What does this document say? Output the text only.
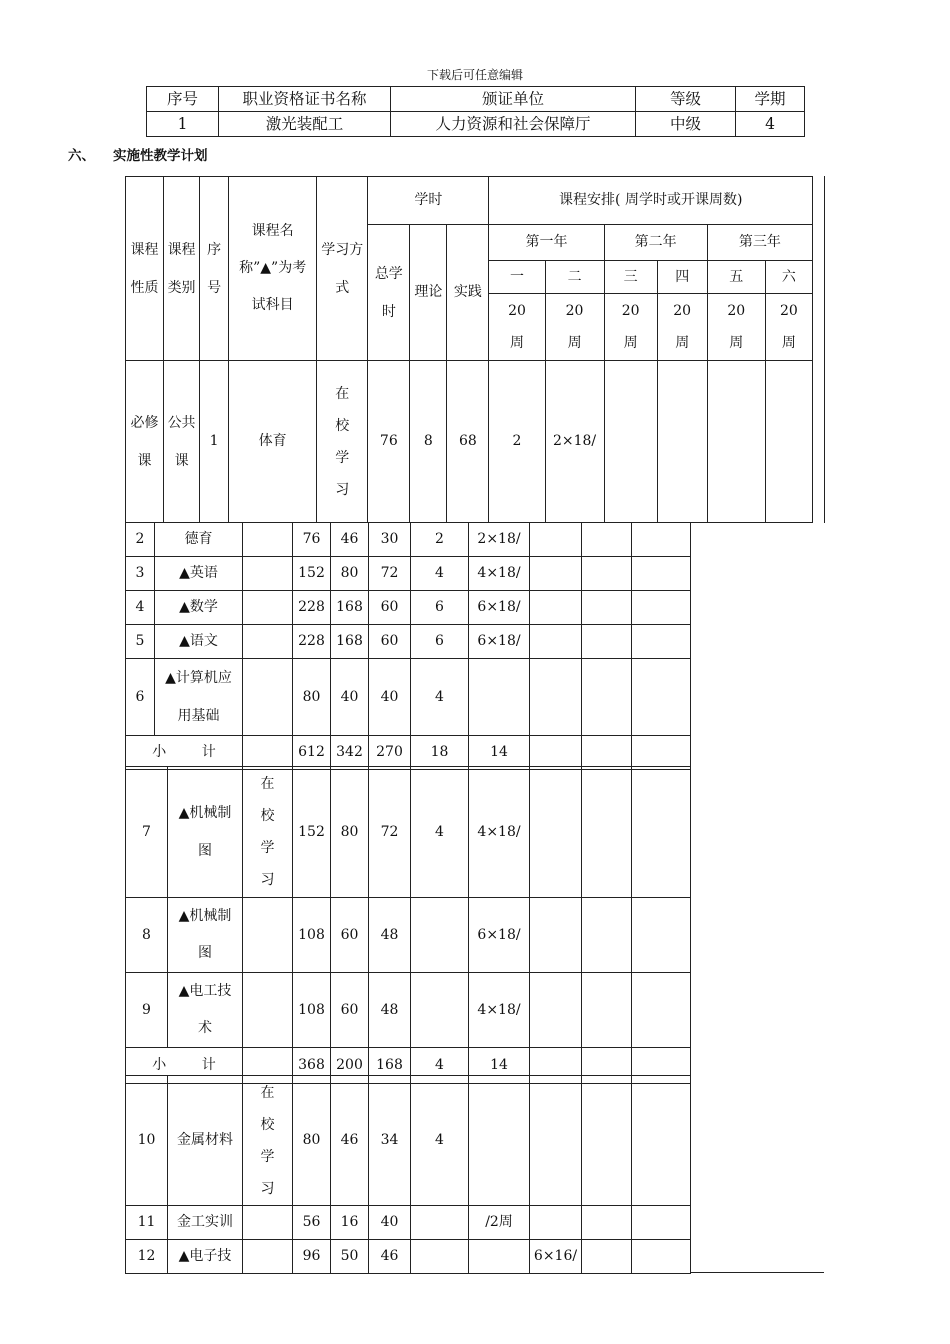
下载后可任意编辑
序号	职业资格证书名称	颁证单位	等级	学期
1	激光装配工	人力资源和社会保障厅	中级	4
六、 实施性教学计划
课程性质	课程类别	序号	课程名称”▲”为考试科目	学习方式	学时			课程安排( 周学时或开课周数)					

					总学时	理论	实践	第一年		第二年		第三年	
								一	二	三	四	五	六

								20周	20周	20周	20周	20周	20周

必修课	公共课	1	体育	在校学习	76	8	68	2	2×18/				
2	德育		76	46	30	2	2×18/			
3	▲英语		152	80	72	4	4×18/			
4	▲数学		228	168	60	6	6×18/			
5	▲语文		228	168	60	6	6×18/			
6	▲计算机应用基础		80	40	40	4				
小        计			612	342	270	18	14			
7	▲机械制图	在校学习	152	80	72	4	4×18/			
8	▲机械制图		108	60	48		6×18/			
9	▲电工技术		108	60	48		4×18/			
小        计			368	200	168	4	14			
10	金属材料	在校学习	80	46	34	4				
11	金工实训		56	16	40		/2周			
12	▲电子技		96	50	46			6×16/		
